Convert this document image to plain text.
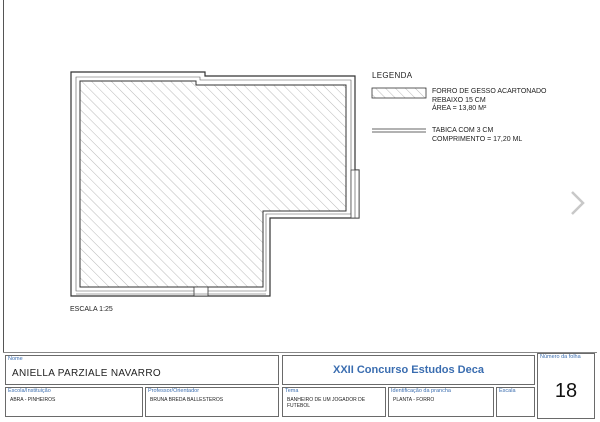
LEGENDA
FORRO DE GESSO ACARTONADO
REBAIXO 15 CM
ÁREA = 13,80 M²
TABICA COM 3 CM
COMPRIMENTO = 17,20 ML
ESCALA 1:25
Nome
ANIELLA PARZIALE NAVARRO	XXII Concurso Estudos Deca
Número da folha
18
Escola/Instituição
ABRA - PINHEIROS
Professor/Orientador
BRUNA BREDA BALLESTEROS
Tema
BANHEIRO DE UM JOGADOR DE
FUTEBOL
Identificação da prancha
PLANTA - FORRO
Escala
